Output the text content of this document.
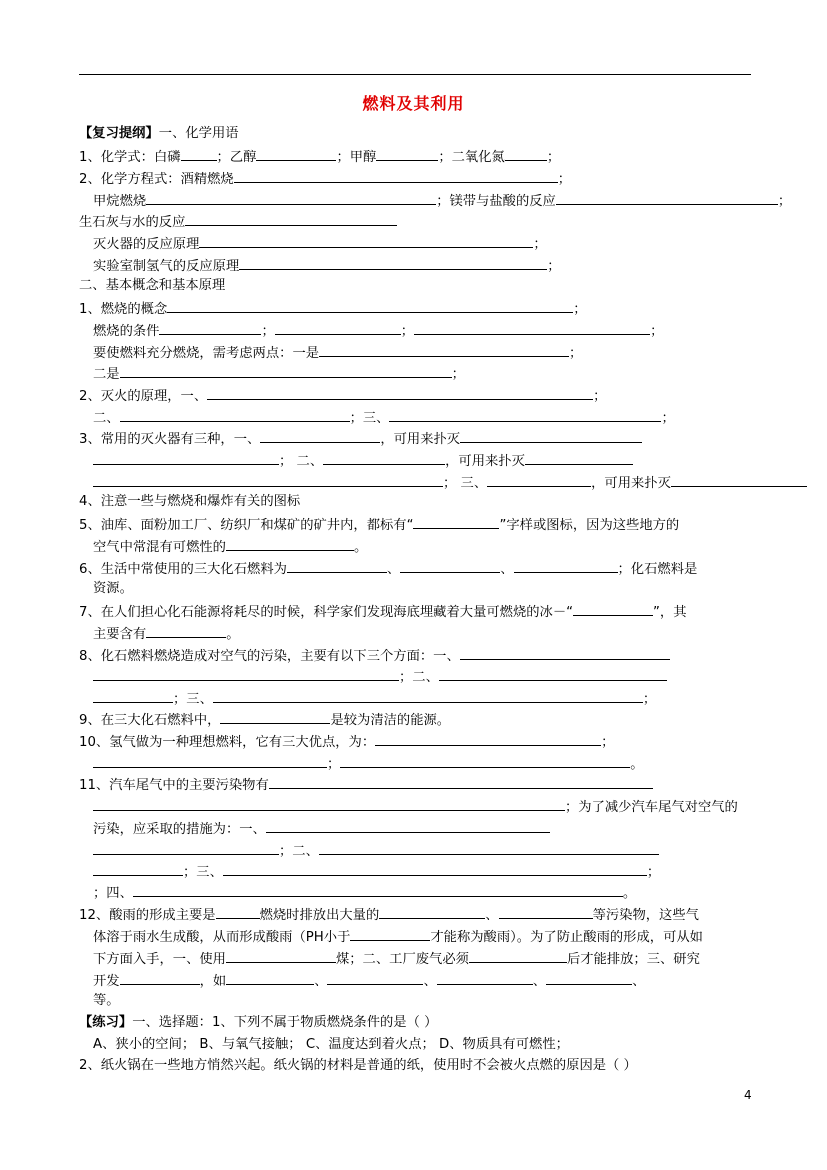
燃料及其利用
【复习提纲】一、化学用语
1、化学式：白磷	；乙醇	；甲醇	；二氧化氮	；
2、化学方程式：酒精燃烧	；
甲烷燃烧	；镁带与盐酸的反应	；
生石灰与水的反应
灭火器的反应原理	；
实验室制氢气的反应原理	；
二、基本概念和基本原理
1、燃烧的概念	；
燃烧的条件	；	；	；
要使燃料充分燃烧，需考虑两点：一是	；
二是	；
2、灭火的原理，一、	；
二、	；三、	；
3、常用的灭火器有三种，一、	，可用来扑灭
； 二、	，可用来扑灭
； 三、	，可用来扑灭
4、注意一些与燃烧和爆炸有关的图标
5、油库、面粉加工厂、纺织厂和煤矿的矿井内，都标有“	”字样或图标，因为这些地方的
空气中常混有可燃性的	。
6、生活中常使用的三大化石燃料为	、	、	；化石燃料是
资源。
7、在人们担心化石能源将耗尽的时候，科学家们发现海底埋藏着大量可燃烧的冰－“	”，其
主要含有	。
8、化石燃料燃烧造成对空气的污染，主要有以下三个方面：一、
；二、
；三、	；
9、在三大化石燃料中，	是较为清洁的能源。
10、氢气做为一种理想燃料，它有三大优点，为：	；
；	。
11、汽车尾气中的主要污染物有
；为了减少汽车尾气对空气的
污染，应采取的措施为：一、
；二、
；三、	；
；四、	。
12、酸雨的形成主要是	燃烧时排放出大量的	、	等污染物，这些气
体溶于雨水生成酸，从而形成酸雨（PH小于	才能称为酸雨）。为了防止酸雨的形成，可从如
下方面入手，一、使用	煤；二、工厂废气必须	后才能排放；三、研究
开发	，如	、	、	、	、
等。
【练习】一、选择题：1、下列不属于物质燃烧条件的是（ ）
A、狭小的空间； B、与氧气接触； C、温度达到着火点； D、物质具有可燃性；
2、纸火锅在一些地方悄然兴起。纸火锅的材料是普通的纸，使用时不会被火点燃的原因是（ ）
4
